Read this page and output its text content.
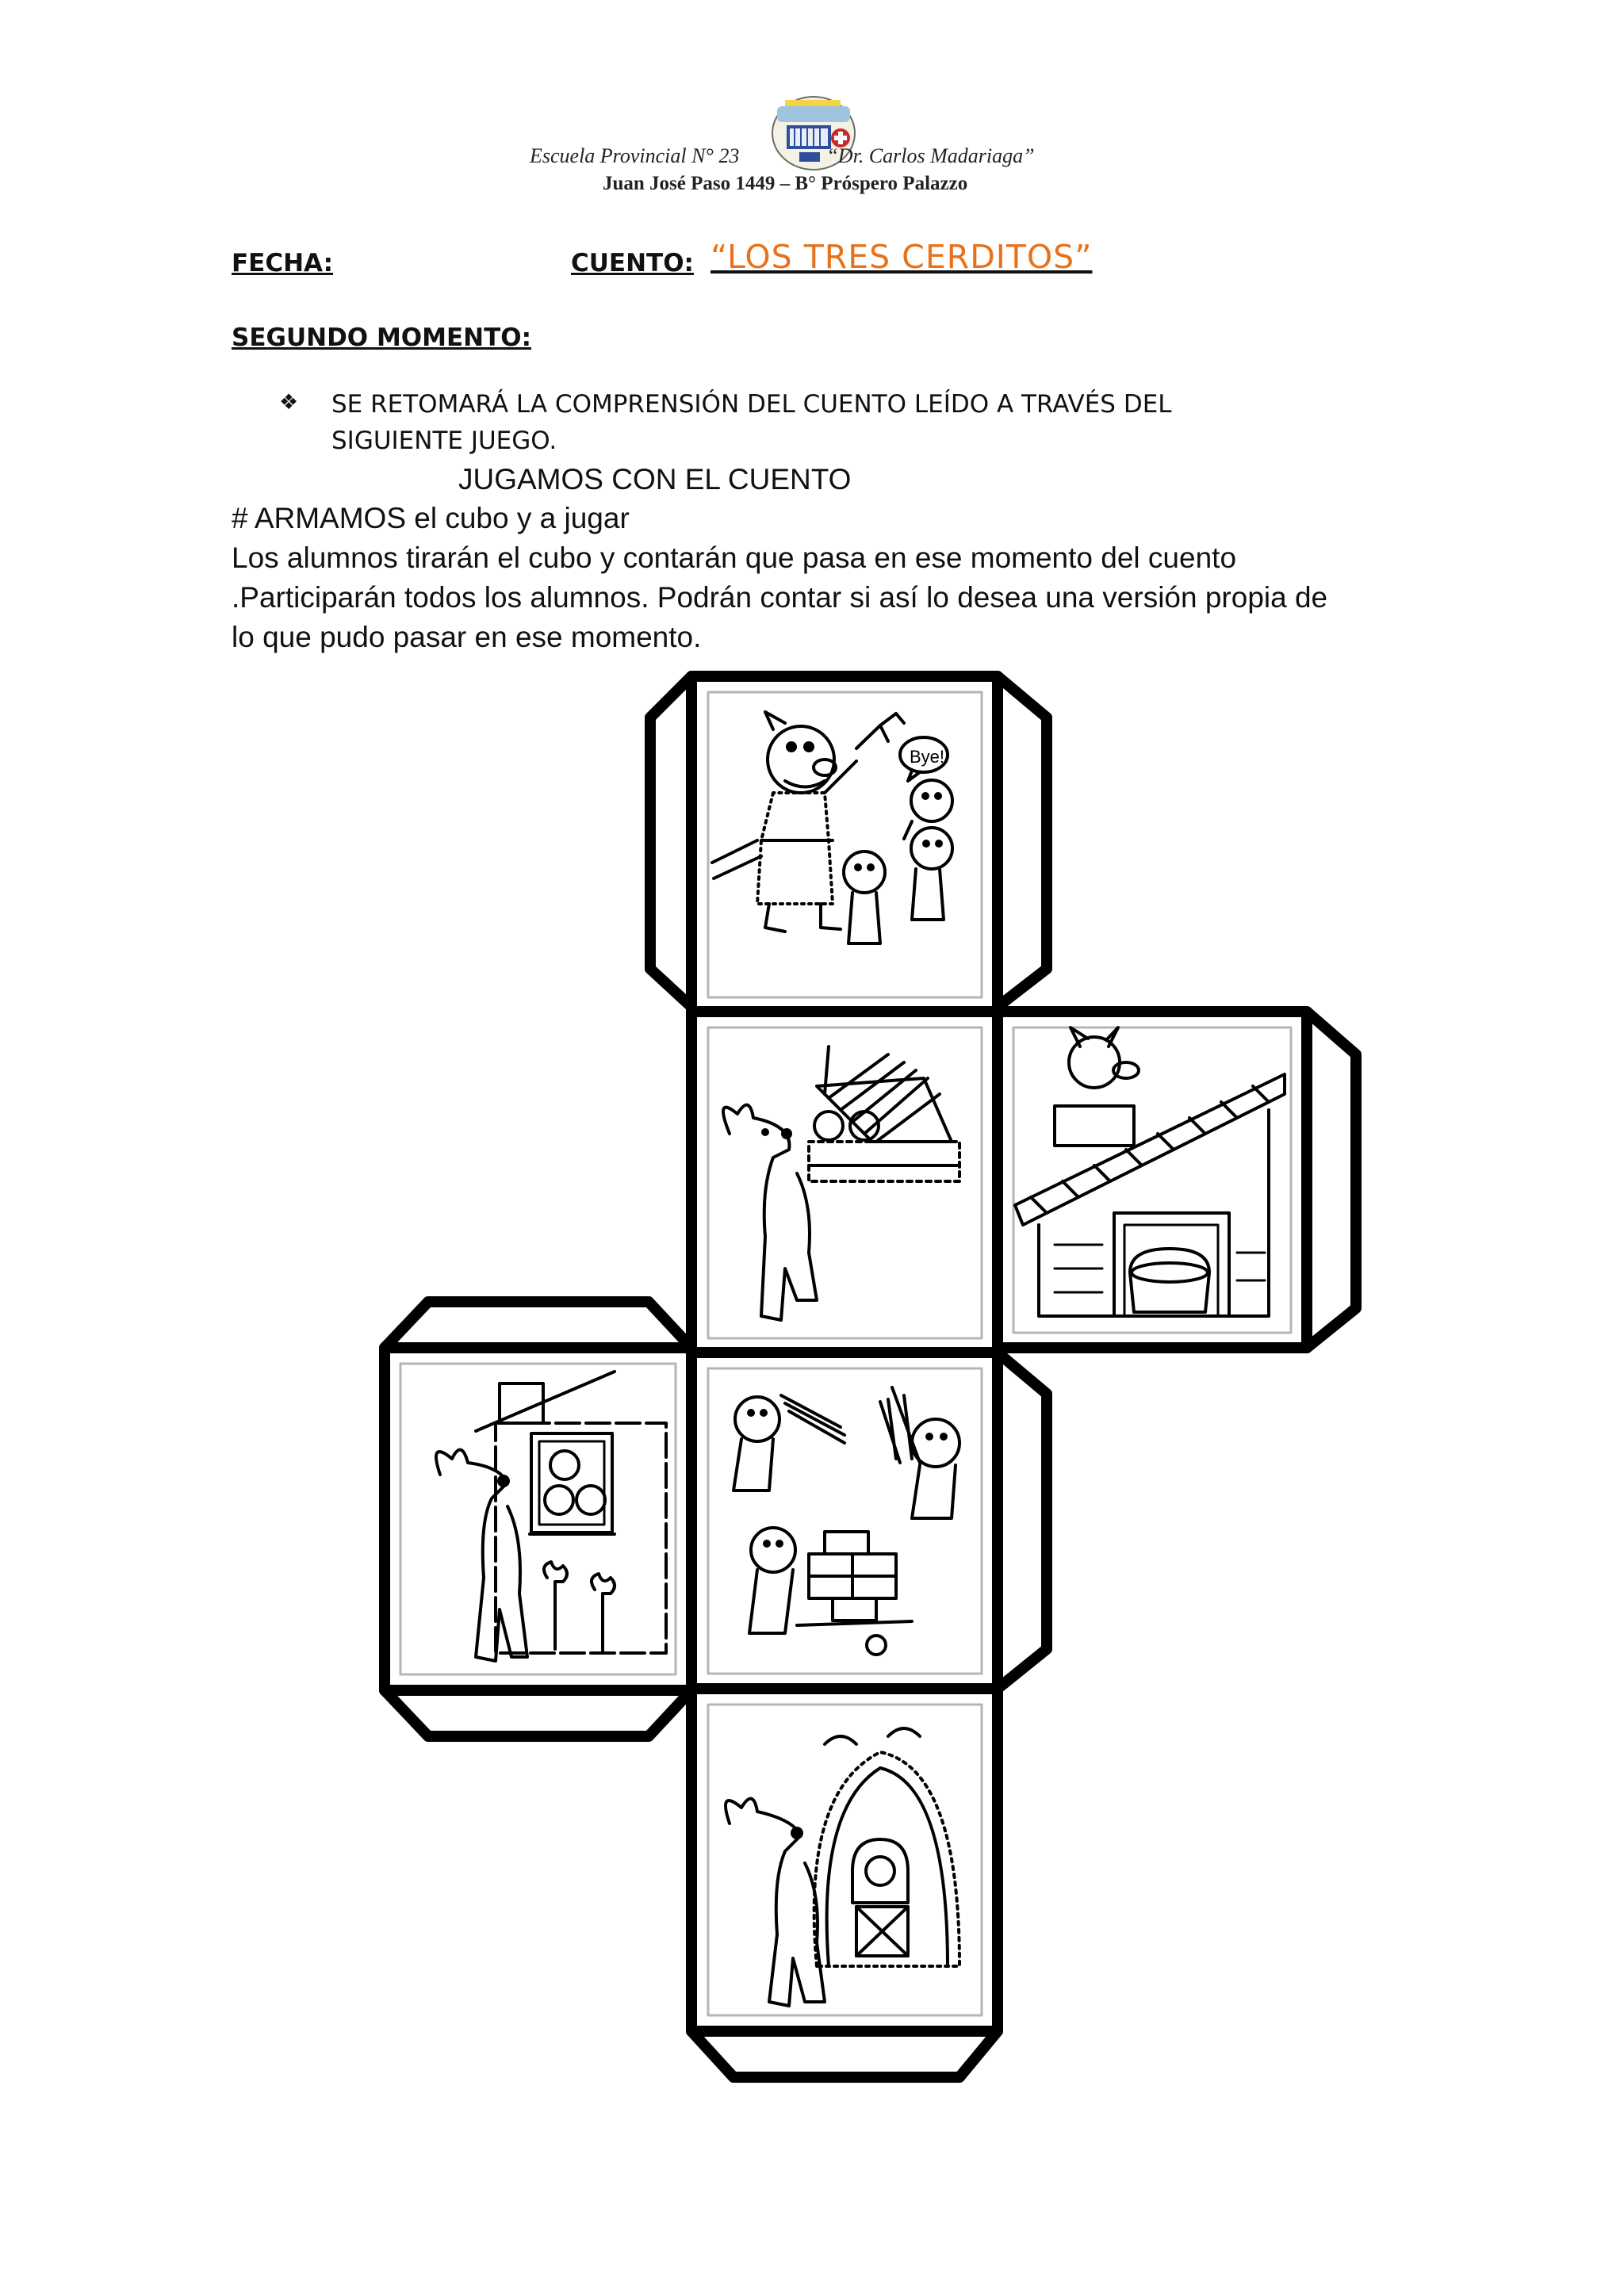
Escuela Provincial N° 23	“Dr. Carlos Madariaga”
Juan José Paso 1449 – B° Próspero Palazzo
FECHA:	CUENTO: “LOS TRES CERDITOS”
SEGUNDO MOMENTO:
❖ SE RETOMARÁ LA COMPRENSIÓN DEL CUENTO LEÍDO A TRAVÉS DEL
SIGUIENTE JUEGO.
JUGAMOS CON EL CUENTO
# ARMAMOS el cubo y a jugar
Los alumnos tirarán el cubo y contarán que pasa en ese momento del cuento
.Participarán todos los alumnos. Podrán contar si así lo desea una versión propia de
lo que pudo pasar en ese momento.
Bye!
